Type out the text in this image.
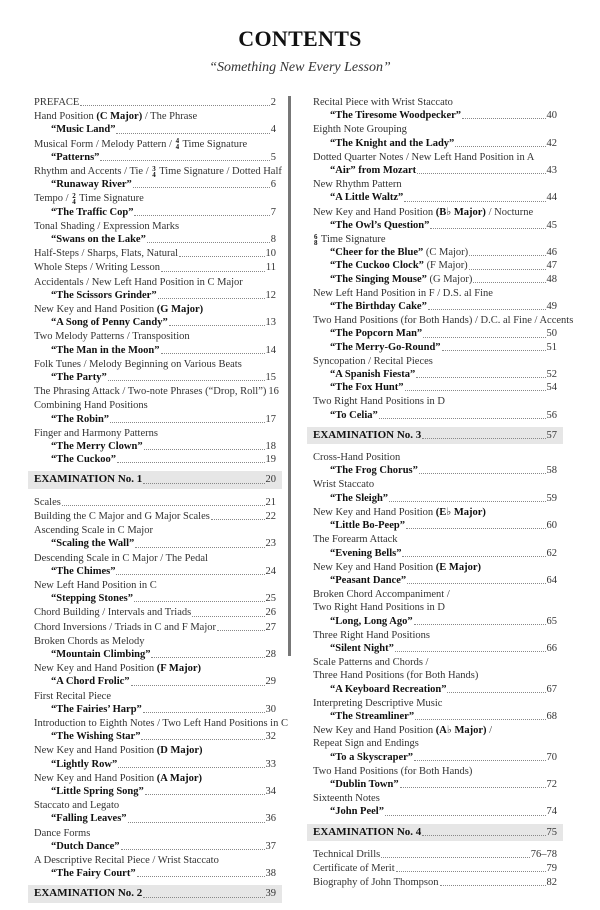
CONTENTS
“Something New Every Lesson”
PREFACE	2
Hand Position (C Major) / The Phrase
“Music Land”	4
Musical Form / Melody Pattern / 4
4 Time Signature
“Patterns”	5
Rhythm and Accents / Tie / 3
4 Time Signature / Dotted Half
“Runaway River”	6
Tempo / 2
4 Time Signature
“The Traffic Cop”	7
Tonal Shading / Expression Marks
“Swans on the Lake”	8
Half-Steps / Sharps, Flats, Natural	10
Whole Steps / Writing Lesson	11
Accidentals / New Left Hand Position in C Major
“The Scissors Grinder”	12
New Key and Hand Position (G Major)
“A Song of Penny Candy”	13
Two Melody Patterns / Transposition
“The Man in the Moon”	14
Folk Tunes / Melody Beginning on Various Beats
“The Party”	15
The Phrasing Attack / Two-note Phrases (“Drop, Roll”) 16
Combining Hand Positions
“The Robin”	17
Finger and Harmony Patterns
“The Merry Clown”	18
“The Cuckoo”	19
EXAMINATION No. 1	20
Scales	21
Building the C Major and G Major Scales	22
Ascending Scale in C Major
“Scaling the Wall”	23
Descending Scale in C Major / The Pedal
“The Chimes”	24
New Left Hand Position in C
“Stepping Stones”	25
Chord Building / Intervals and Triads	26
Chord Inversions / Triads in C and F Major	27
Broken Chords as Melody
“Mountain Climbing”	28
New Key and Hand Position (F Major)
“A Chord Frolic”	29
First Recital Piece
“The Fairies’ Harp”	30
Introduction to Eighth Notes / Two Left Hand Positions in C
“The Wishing Star”	32
New Key and Hand Position (D Major)
“Lightly Row”	33
New Key and Hand Position (A Major)
“Little Spring Song”	34
Staccato and Legato
“Falling Leaves”	36
Dance Forms
“Dutch Dance”	37
A Descriptive Recital Piece / Wrist Staccato
“The Fairy Court”	38
EXAMINATION No. 2	39
Recital Piece with Wrist Staccato
“The Tiresome Woodpecker”	40
Eighth Note Grouping
“The Knight and the Lady”	42
Dotted Quarter Notes / New Left Hand Position in A
“Air” from Mozart	43
New Rhythm Pattern
“A Little Waltz”	44
New Key and Hand Position (B♭ Major) / Nocturne
“The Owl’s Question”	45
6
8 Time Signature
“Cheer for the Blue” (C Major)	46
“The Cuckoo Clock” (F Major)	47
“The Singing Mouse” (G Major)	48
New Left Hand Position in F / D.S. al Fine
“The Birthday Cake”	49
Two Hand Positions (for Both Hands) / D.C. al Fine / Accents
“The Popcorn Man”	50
“The Merry-Go-Round”	51
Syncopation / Recital Pieces
“A Spanish Fiesta”	52
“The Fox Hunt”	54
Two Right Hand Positions in D
“To Celia”	56
EXAMINATION No. 3	57
Cross-Hand Position
“The Frog Chorus”	58
Wrist Staccato
“The Sleigh”	59
New Key and Hand Position (E♭ Major)
“Little Bo-Peep”	60
The Forearm Attack
“Evening Bells”	62
New Key and Hand Position (E Major)
“Peasant Dance”	64
Broken Chord Accompaniment /
Two Right Hand Positions in D
“Long, Long Ago”	65
Three Right Hand Positions
“Silent Night”	66
Scale Patterns and Chords /
Three Hand Positions (for Both Hands)
“A Keyboard Recreation”	67
Interpreting Descriptive Music
“The Streamliner”	68
New Key and Hand Position (A♭ Major) /
Repeat Sign and Endings
“To a Skyscraper”	70
Two Hand Positions (for Both Hands)
“Dublin Town”	72
Sixteenth Notes
“John Peel”	74
EXAMINATION No. 4	75
Technical Drills	76–78
Certificate of Merit	79
Biography of John Thompson	82
